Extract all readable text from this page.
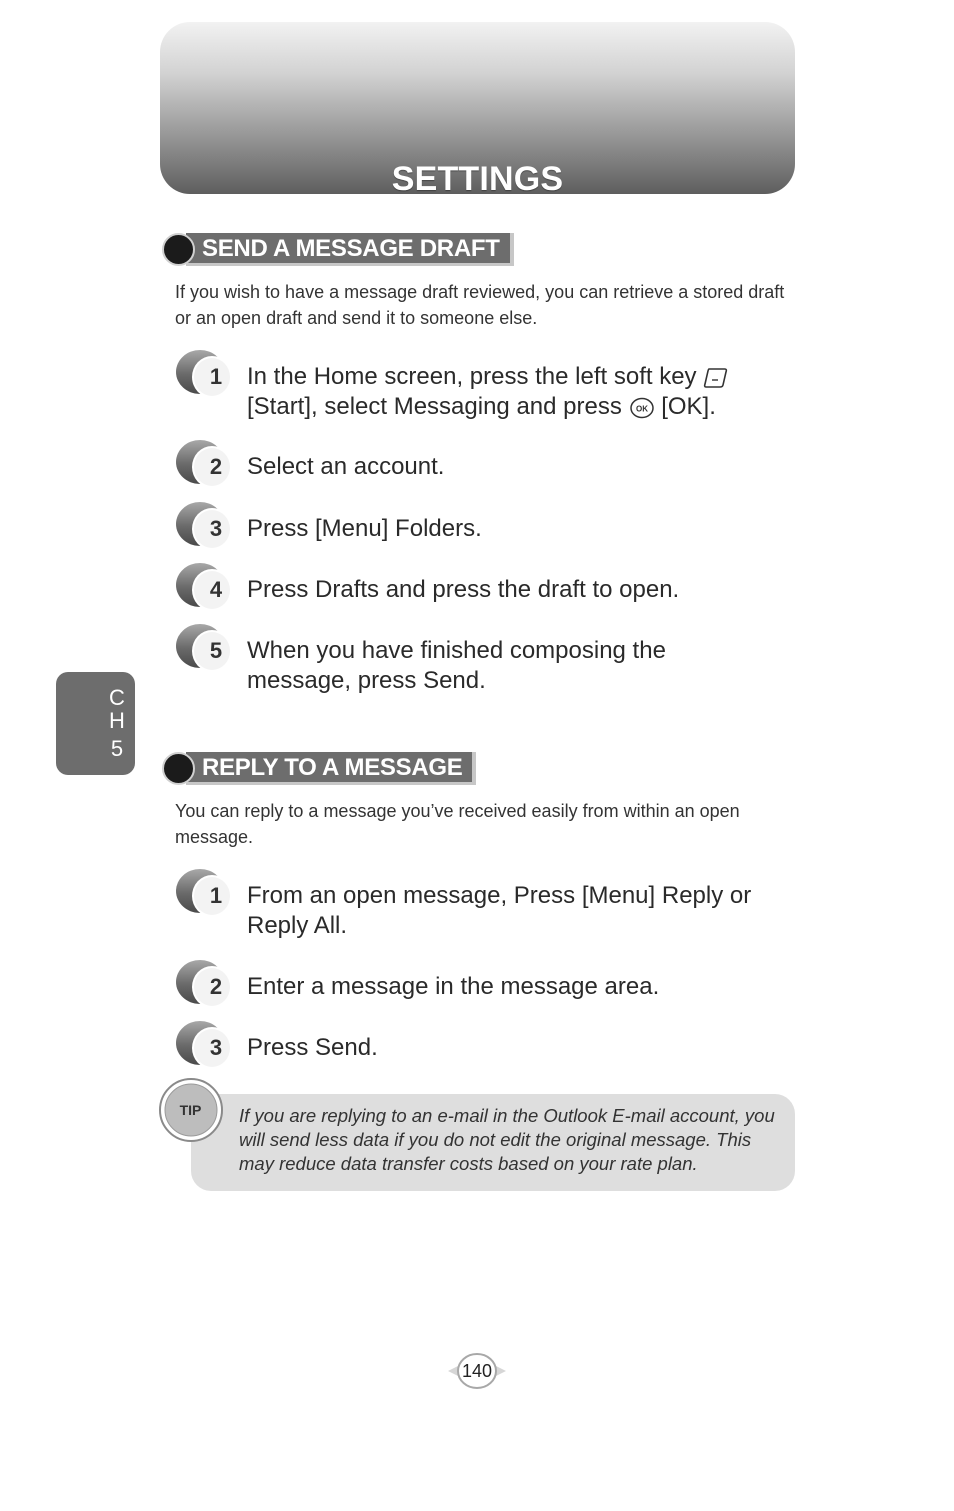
SETTINGS
C
H
5
SEND A MESSAGE DRAFT
If you wish to have a message draft reviewed, you can retrieve a stored draft or an open draft and send it to someone else.
1 In the Home screen, press the left soft key
[Start], select Messaging and press OK [OK].
2 Select an account.
3 Press [Menu] Folders.
4 Press Drafts and press the draft to open.
5 When you have finished composing the message, press Send.
REPLY TO A MESSAGE
You can reply to a message you’ve received easily from within an open message.
1 From an open message, Press [Menu] Reply or Reply All.
2 Enter a message in the message area.
3 Press Send.
If you are replying to an e-mail in the Outlook E-mail account, you will send less data if you do not edit the original message. This may reduce data transfer costs based on your rate plan.
TIP
140
